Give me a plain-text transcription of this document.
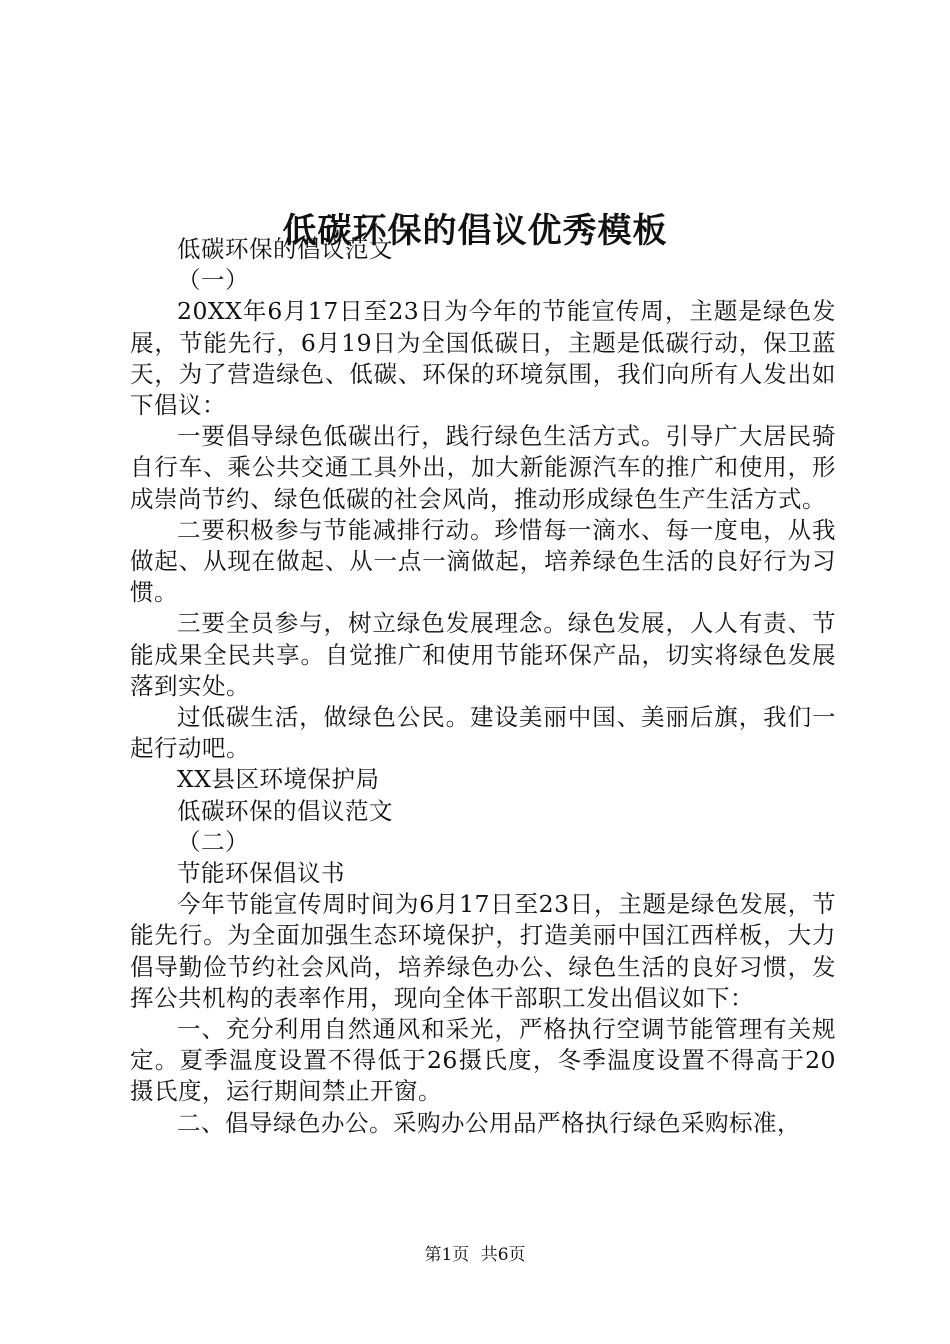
低碳环保的倡议优秀模板

低碳环保的倡议范文

（一）

20XX年6月17日至23日为今年的节能宣传周，主题是绿色发展，节能先行，6月19日为全国低碳日，主题是低碳行动，保卫蓝天，为了营造绿色、低碳、环保的环境氛围，我们向所有人发出如下倡议：

一要倡导绿色低碳出行，践行绿色生活方式。引导广大居民骑自行车、乘公共交通工具外出，加大新能源汽车的推广和使用，形成崇尚节约、绿色低碳的社会风尚，推动形成绿色生产生活方式。

二要积极参与节能减排行动。珍惜每一滴水、每一度电，从我做起、从现在做起、从一点一滴做起，培养绿色生活的良好行为习惯。

三要全员参与，树立绿色发展理念。绿色发展，人人有责、节能成果全民共享。自觉推广和使用节能环保产品，切实将绿色发展落到实处。

过低碳生活，做绿色公民。建设美丽中国、美丽后旗，我们一起行动吧。

XX县区环境保护局

低碳环保的倡议范文

（二）

节能环保倡议书

今年节能宣传周时间为6月17日至23日，主题是绿色发展，节能先行。为全面加强生态环境保护，打造美丽中国江西样板，大力倡导勤俭节约社会风尚，培养绿色办公、绿色生活的良好习惯，发挥公共机构的表率作用，现向全体干部职工发出倡议如下：

一、充分利用自然通风和采光，严格执行空调节能管理有关规定。夏季温度设置不得低于26摄氏度，冬季温度设置不得高于20摄氏度，运行期间禁止开窗。

二、倡导绿色办公。采购办公用品严格执行绿色采购标准，

第1页 共6页
